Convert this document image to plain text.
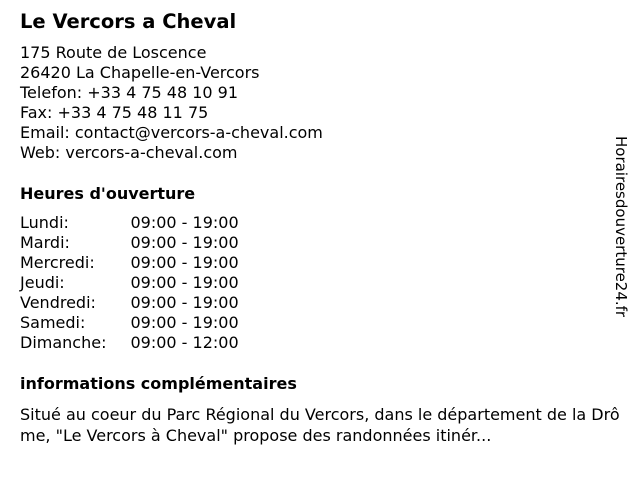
Le Vercors a Cheval
175 Route de Loscence
26420 La Chapelle-en-Vercors
Telefon: +33 4 75 48 10 91
Fax: +33 4 75 48 11 75
Email: contact@vercors-a-cheval.com
Web: vercors-a-cheval.com
Heures d'ouverture
Lundi:	09:00 - 19:00
Mardi:	09:00 - 19:00
Mercredi:	09:00 - 19:00
Jeudi:	09:00 - 19:00
Vendredi:	09:00 - 19:00
Samedi:	09:00 - 19:00
Dimanche:	09:00 - 12:00
informations complémentaires

Situé au coeur du Parc Régional du Vercors, dans le département de la Drôme, "Le Vercors à Cheval" propose des randonnées itinér...

Horairesdouverture24.fr
